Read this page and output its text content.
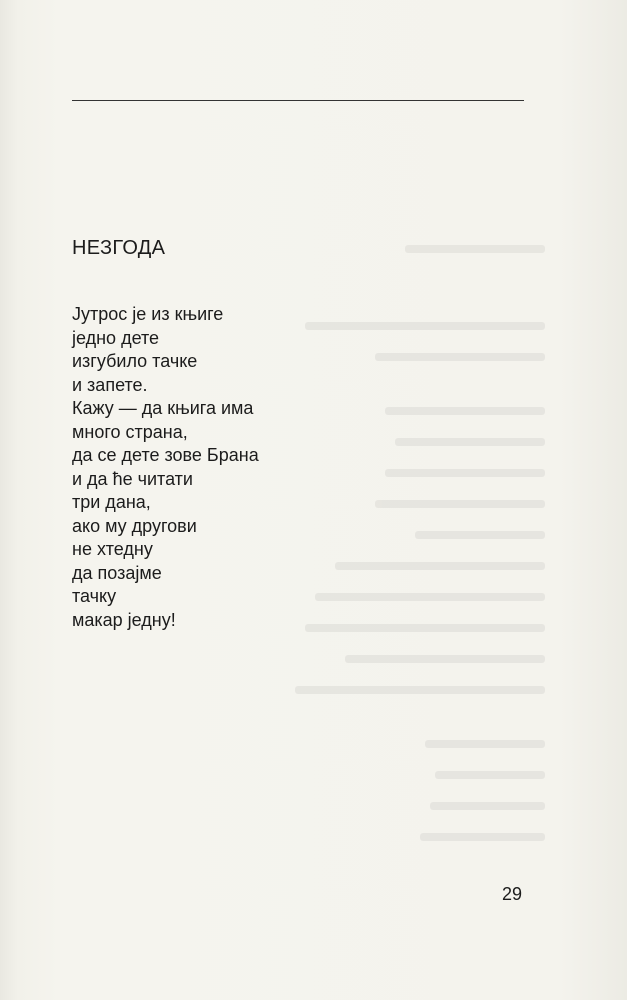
НЕЗГОДА
Јутрос је из књиге
једно дете
изгубило тачке
и запете.
Кажу — да књига има
много страна,
да се дете зове Брана
и да ће читати
три дана,
ако му другови
не хтедну
да позајме
тачку
макар једну!
29
